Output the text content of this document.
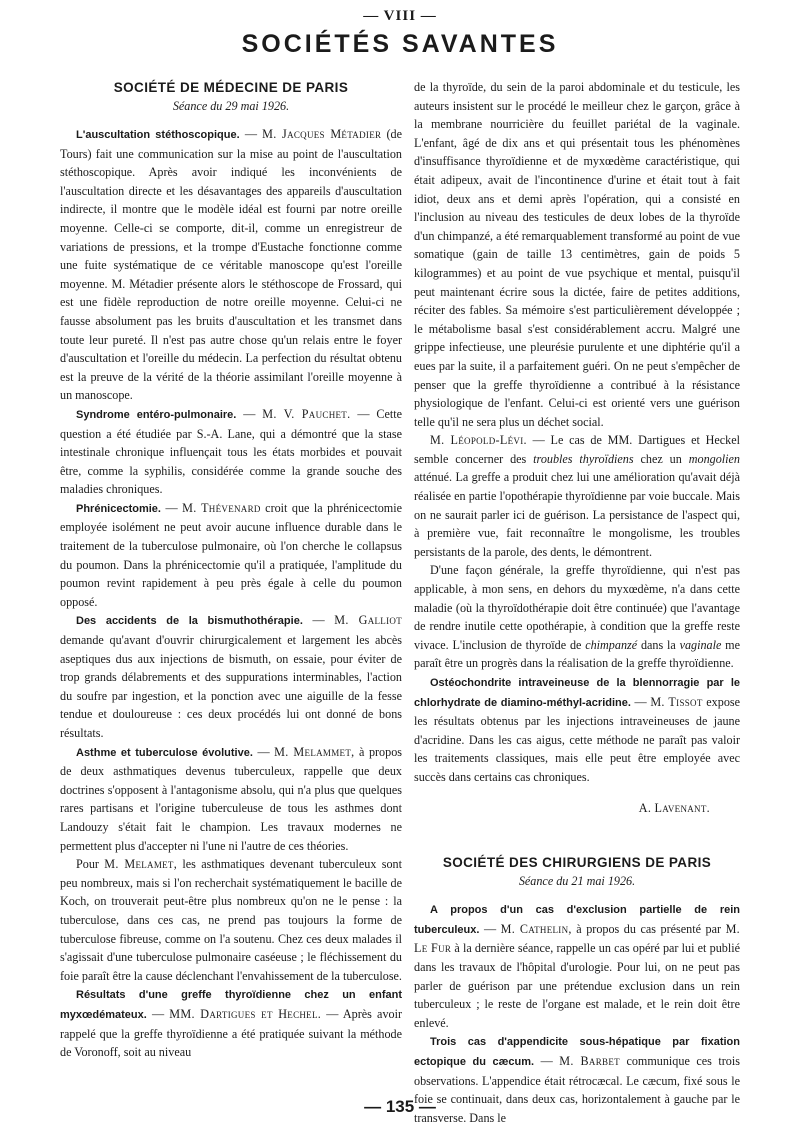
— VIII —
SOCIÉTÉS SAVANTES
SOCIÉTÉ DE MÉDECINE DE PARIS
Séance du 29 mai 1926.

L'auscultation stéthoscopique. — M. Jacques Métadier (de Tours) fait une communication sur la mise au point de l'auscultation stéthoscopique. Après avoir indiqué les inconvénients de l'auscultation directe et les désavantages des appareils d'auscultation indirecte, il montre que le modèle idéal est fourni par notre oreille moyenne. Celle-ci se comporte, dit-il, comme un enregistreur de variations de pressions, et la trompe d'Eustache fonctionne comme une fuite systématique de ce véritable manoscope qu'est l'oreille moyenne. M. Métadier présente alors le stéthoscope de Frossard, qui est une fidèle reproduction de notre oreille moyenne. Celui-ci ne fausse absolument pas les bruits d'auscultation et les transmet dans toute leur pureté. Il n'est pas autre chose qu'un relais entre le foyer d'auscultation et l'oreille du médecin. La perfection du résultat obtenu est la preuve de la vérité de la théorie assimilant l'oreille moyenne à un manoscope.

Syndrome entéro-pulmonaire. — M. V. Pauchet. — Cette question a été étudiée par S.-A. Lane, qui a démontré que la stase intestinale chronique influençait tous les états morbides et pouvait être, comme la syphilis, considérée comme la grande souche des maladies chroniques.

Phrénicectomie. — M. Thévenard croit que la phrénicectomie employée isolément ne peut avoir aucune influence durable dans le traitement de la tuberculose pulmonaire, où l'on cherche le collapsus du poumon. Dans la phrénicectomie qu'il a pratiquée, l'amplitude du poumon revint rapidement à peu près égale à celle du poumon opposé.

Des accidents de la bismuthothérapie. — M. Galliot demande qu'avant d'ouvrir chirurgicalement et largement les abcès aseptiques dus aux injections de bismuth, on essaie, pour éviter de trop grands délabrements et des suppurations interminables, l'action du soufre par ingestion, et la ponction avec une aiguille de la fesse tendue et douloureuse : ces deux procédés lui ont donné de bons résultats.

Asthme et tuberculose évolutive. — M. Melammet, à propos de deux asthmatiques devenus tuberculeux, rappelle que deux doctrines s'opposent à l'antagonisme absolu, qui n'a plus que quelques rares partisans et l'origine tuberculeuse de tous les asthmes dont Landouzy s'était fait le champion. Les travaux modernes ne permettent plus d'accepter ni l'une ni l'autre de ces théories.

Pour M. Melamet, les asthmatiques devenant tuberculeux sont peu nombreux, mais si l'on recherchait systématiquement le bacille de Koch, on trouverait peut-être plus nombreux qu'on ne le pense : la tuberculose, dans ces cas, ne prend pas toujours la forme de tuberculose fibreuse, comme on l'a soutenu. Chez ces deux malades il s'agissait d'une tuberculose pulmonaire caséeuse ; le fléchissement du foie paraît être la cause déclenchant l'envahissement de la tuberculose.

Résultats d'une greffe thyroïdienne chez un enfant myxœdémateux. — MM. Dartigues et Hechel. — Après avoir rappelé que la greffe thyroïdienne a été pratiquée suivant la méthode de Voronoff, soit au niveau

de la thyroïde, du sein de la paroi abdominale et du testicule, les auteurs insistent sur le procédé le meilleur chez le garçon, grâce à la membrane nourricière du feuillet pariétal de la vaginale. L'enfant, âgé de dix ans et qui présentait tous les phénomènes d'insuffisance thyroïdienne et de myxœdème caractéristique, qui était adipeux, avait de l'incontinence d'urine et était tout à fait idiot, deux ans et demi après l'opération, qui a consisté en l'inclusion au niveau des testicules de deux lobes de la thyroïde d'un chimpanzé, a été remarquablement transformé au point de vue somatique (gain de taille 13 centimètres, gain de poids 5 kilogrammes) et au point de vue psychique et mental, puisqu'il peut maintenant écrire sous la dictée, faire de petites additions, réciter des fables. Sa mémoire s'est particulièrement développée ; le métabolisme basal s'est considérablement accru. Malgré une grippe infectieuse, une pleurésie purulente et une diphtérie qu'il a eues par la suite, il a parfaitement guéri. On ne peut s'empêcher de penser que la greffe thyroïdienne a contribué à la résistance physiologique de l'enfant. Celui-ci est orienté vers une guérison telle qu'il ne sera plus un déchet social.

M. Léopold-Lévi. — Le cas de MM. Dartigues et Heckel semble concerner des troubles thyroïdiens chez un mongolien atténué. La greffe a produit chez lui une amélioration qu'avait déjà réalisée en partie l'opothérapie thyroïdienne par voie buccale. Mais on ne saurait parler ici de guérison. La persistance de l'aspect qui, à première vue, fait reconnaître le mongolisme, les troubles persistants de la parole, des dents, le démontrent.

D'une façon générale, la greffe thyroïdienne, qui n'est pas applicable, à mon sens, en dehors du myxœdème, n'a dans cette maladie (où la thyroïdothérapie doit être continuée) que l'avantage de rendre inutile cette opothérapie, à condition que la greffe reste vivace. L'inclusion de thyroïde de chimpanzé dans la vaginale me paraît être un progrès dans la réalisation de la greffe thyroïdienne.

Ostéochondrite intraveineuse de la blennorragie par le chlorhydrate de diamino-méthyl-acridine. — M. Tissot expose les résultats obtenus par les injections intraveineuses de jaune d'acridine. Dans les cas aigus, cette méthode ne paraît pas valoir les traitements classiques, mais elle peut être employée avec succès dans certains cas chroniques.

A. Lavenant.
SOCIÉTÉ DES CHIRURGIENS DE PARIS
Séance du 21 mai 1926.

A propos d'un cas d'exclusion partielle de rein tuberculeux. — M. Cathelin, à propos du cas présenté par M. Le Fur à la dernière séance, rappelle un cas opéré par lui et publié dans les travaux de l'hôpital d'urologie. Pour lui, on ne peut pas parler de guérison par une prétendue exclusion dans un rein tuberculeux ; le reste de l'organe est malade, et le rein doit être enlevé.

Trois cas d'appendicite sous-hépatique par fixation ectopique du cæcum. — M. Barbet communique ces trois observations. L'appendice était rétrocæcal. Le cæcum, fixé sous le foie se continuait, dans deux cas, horizontalement à gauche par le transverse. Dans le

— 135 —
